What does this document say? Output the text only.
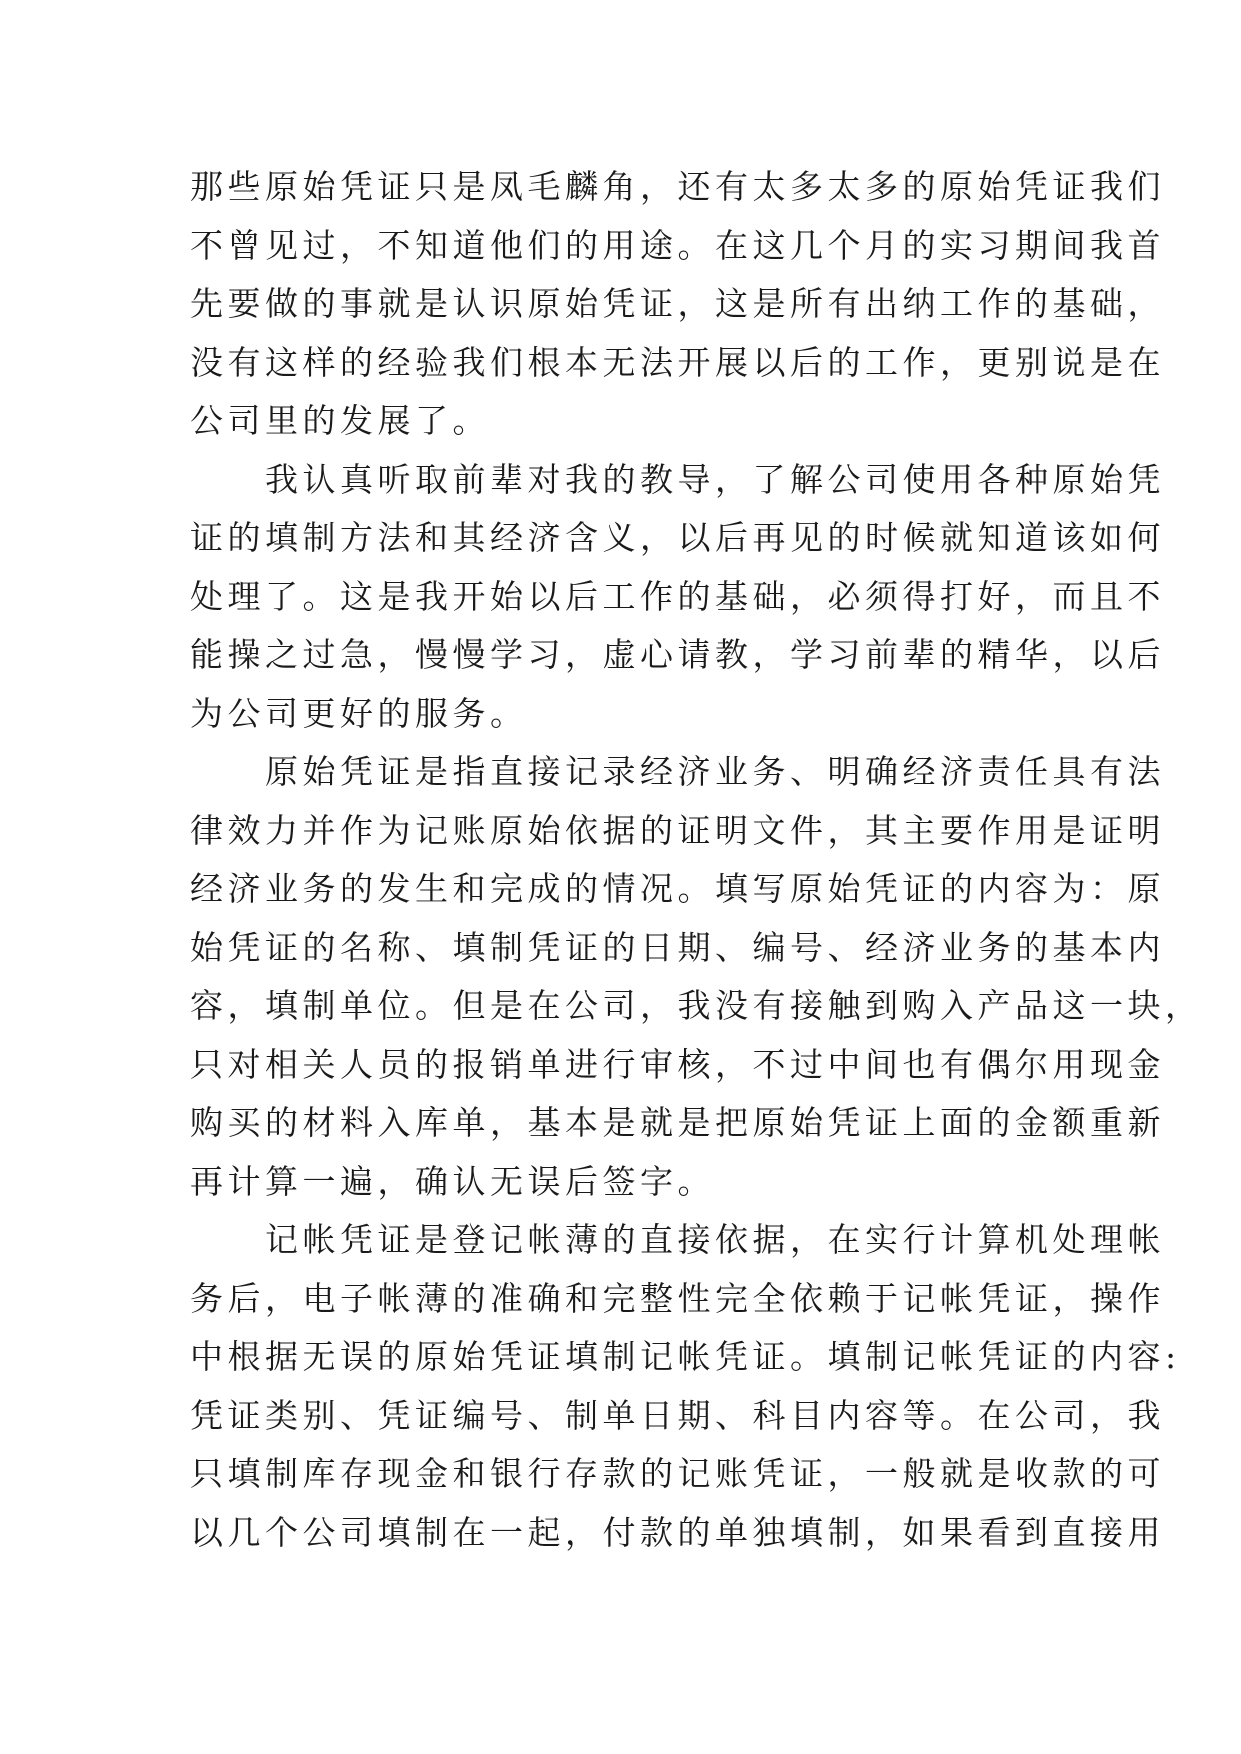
那些原始凭证只是凤毛麟角，还有太多太多的原始凭证我们
不曾见过，不知道他们的用途。在这几个月的实习期间我首
先要做的事就是认识原始凭证，这是所有出纳工作的基础，
没有这样的经验我们根本无法开展以后的工作，更别说是在
公司里的发展了。
　　我认真听取前辈对我的教导，了解公司使用各种原始凭
证的填制方法和其经济含义，以后再见的时候就知道该如何
处理了。这是我开始以后工作的基础，必须得打好，而且不
能操之过急，慢慢学习，虚心请教，学习前辈的精华，以后
为公司更好的服务。
　　原始凭证是指直接记录经济业务、明确经济责任具有法
律效力并作为记账原始依据的证明文件，其主要作用是证明
经济业务的发生和完成的情况。填写原始凭证的内容为：原
始凭证的名称、填制凭证的日期、编号、经济业务的基本内
容，填制单位。但是在公司，我没有接触到购入产品这一块，
只对相关人员的报销单进行审核，不过中间也有偶尔用现金
购买的材料入库单，基本是就是把原始凭证上面的金额重新
再计算一遍，确认无误后签字。
　　记帐凭证是登记帐薄的直接依据，在实行计算机处理帐
务后，电子帐薄的准确和完整性完全依赖于记帐凭证，操作
中根据无误的原始凭证填制记帐凭证。填制记帐凭证的内容:
凭证类别、凭证编号、制单日期、科目内容等。在公司，我
只填制库存现金和银行存款的记账凭证，一般就是收款的可
以几个公司填制在一起，付款的单独填制，如果看到直接用
